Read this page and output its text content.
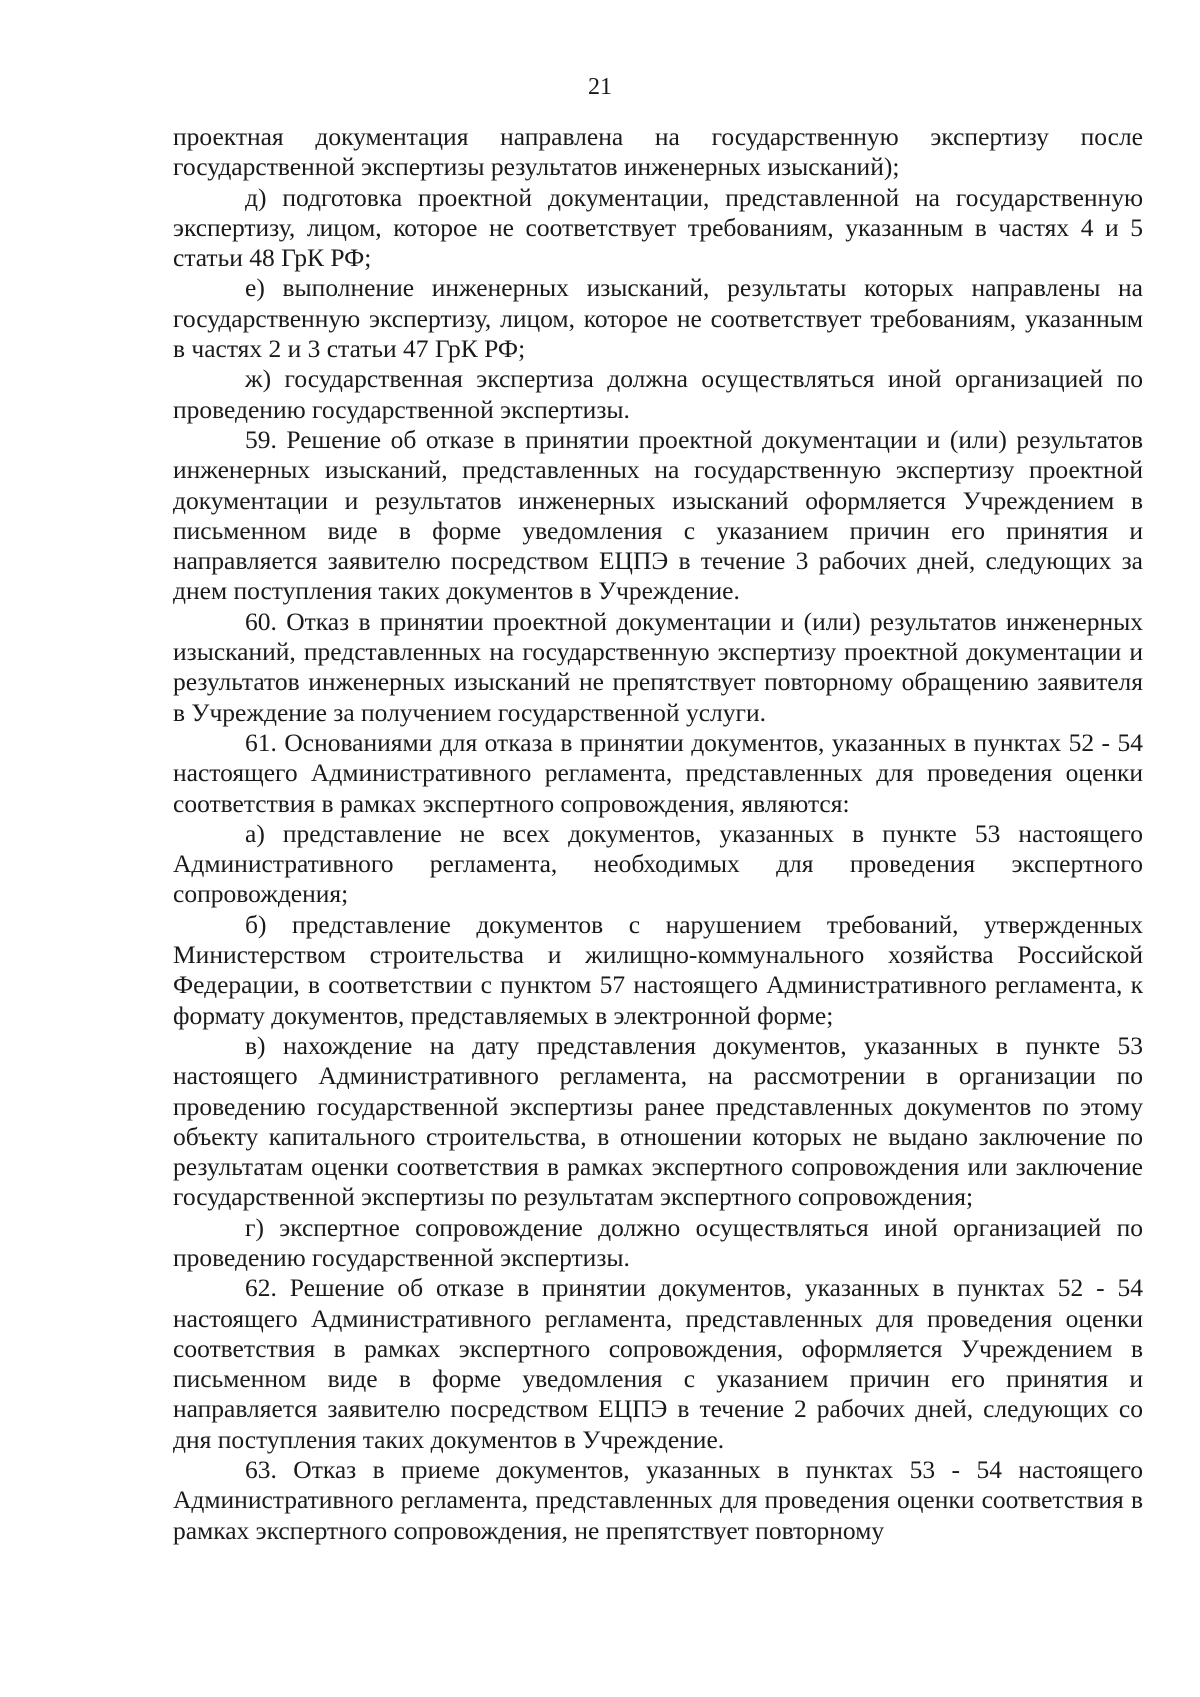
21

проектная документация направлена на государственную экспертизу после государственной экспертизы результатов инженерных изысканий);

д) подготовка проектной документации, представленной на государственную экспертизу, лицом, которое не соответствует требованиям, указанным в частях 4 и 5 статьи 48 ГрК РФ;

е) выполнение инженерных изысканий, результаты которых направлены на государственную экспертизу, лицом, которое не соответствует требованиям, указанным в частях 2 и 3 статьи 47 ГрК РФ;

ж) государственная экспертиза должна осуществляться иной организацией по проведению государственной экспертизы.

59. Решение об отказе в принятии проектной документации и (или) результатов инженерных изысканий, представленных на государственную экспертизу проектной документации и результатов инженерных изысканий оформляется Учреждением в письменном виде в форме уведомления с указанием причин его принятия и направляется заявителю посредством ЕЦПЭ в течение 3 рабочих дней, следующих за днем поступления таких документов в Учреждение.

60. Отказ в принятии проектной документации и (или) результатов инженерных изысканий, представленных на государственную экспертизу проектной документации и результатов инженерных изысканий не препятствует повторному обращению заявителя в Учреждение за получением государственной услуги.

61. Основаниями для отказа в принятии документов, указанных в пунктах 52 - 54 настоящего Административного регламента, представленных для проведения оценки соответствия в рамках экспертного сопровождения, являются:

а) представление не всех документов, указанных в пункте 53 настоящего Административного регламента, необходимых для проведения экспертного сопровождения;

б) представление документов с нарушением требований, утвержденных Министерством строительства и жилищно-коммунального хозяйства Российской Федерации, в соответствии с пунктом 57 настоящего Административного регламента, к формату документов, представляемых в электронной форме;

в) нахождение на дату представления документов, указанных в пункте 53 настоящего Административного регламента, на рассмотрении в организации по проведению государственной экспертизы ранее представленных документов по этому объекту капитального строительства, в отношении которых не выдано заключение по результатам оценки соответствия в рамках экспертного сопровождения или заключение государственной экспертизы по результатам экспертного сопровождения;

г) экспертное сопровождение должно осуществляться иной организацией по проведению государственной экспертизы.

62. Решение об отказе в принятии документов, указанных в пунктах 52 - 54 настоящего Административного регламента, представленных для проведения оценки соответствия в рамках экспертного сопровождения, оформляется Учреждением в письменном виде в форме уведомления с указанием причин его принятия и направляется заявителю посредством ЕЦПЭ в течение 2 рабочих дней, следующих со дня поступления таких документов в Учреждение.

63. Отказ в приеме документов, указанных в пунктах 53 - 54 настоящего Административного регламента, представленных для проведения оценки соответствия в рамках экспертного сопровождения, не препятствует повторному
